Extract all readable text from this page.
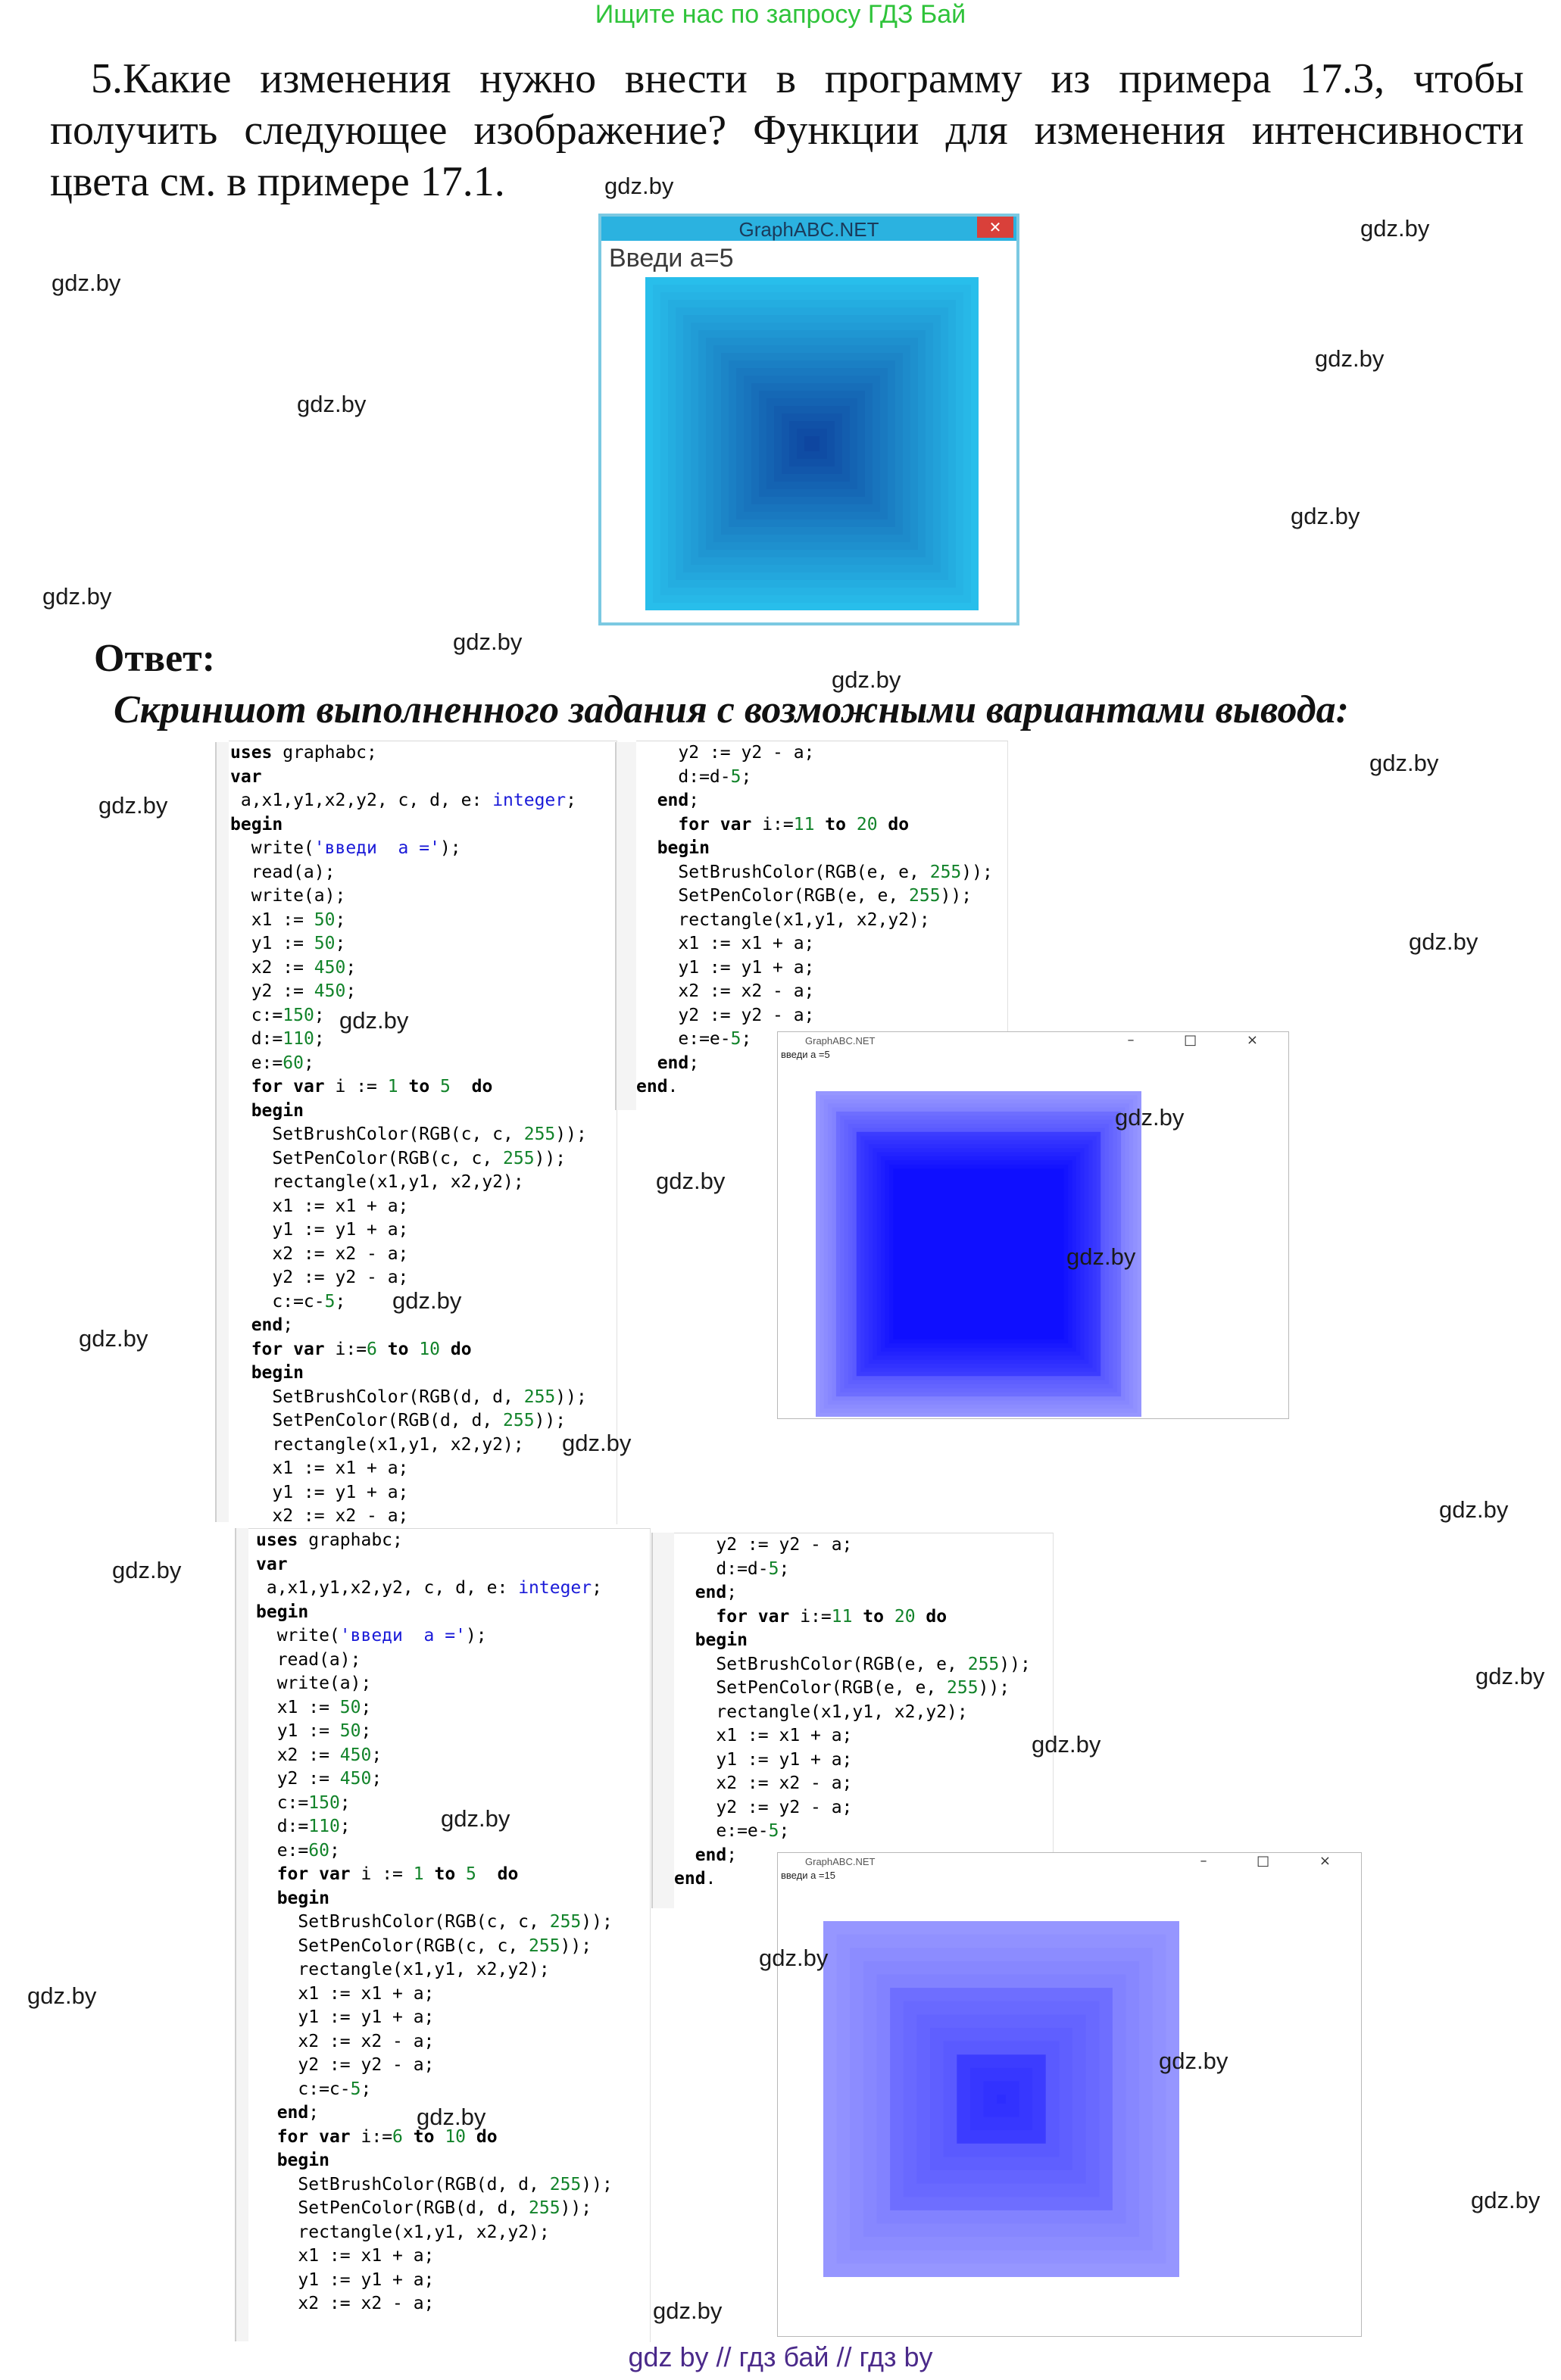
Ищите нас по запросу ГДЗ Бай
5.Какие изменения нужно внести в программу из примера 17.3, чтобы получить следующее изображение? Функции для изменения интенсивности цвета см. в примере 17.1.
GraphABC.NET	✕
Введи а=5
Ответ:
Скриншот выполненного задания с возможными вариантами вывода:
uses graphabc;
var
a,x1,y1,x2,y2, c, d, e: integer;
begin
write('введи  a =');
read(a);
write(a);
x1 := 50;
y1 := 50;
x2 := 450;
y2 := 450;
c:=150;
d:=110;
e:=60;
for var i := 1 to 5 do
begin
SetBrushColor(RGB(c, c, 255));
SetPenColor(RGB(c, c, 255));
rectangle(x1,y1, x2,y2);
x1 := x1 + a;
y1 := y1 + a;
x2 := x2 - a;
y2 := y2 - a;
c:=c-5;
end;
for var i:=6 to 10 do
begin
SetBrushColor(RGB(d, d, 255));
SetPenColor(RGB(d, d, 255));
rectangle(x1,y1, x2,y2);
x1 := x1 + a;
y1 := y1 + a;
x2 := x2 - a;
y2 := y2 - a;
d:=d-5;
end;
for var i:=11 to 20 do
begin
SetBrushColor(RGB(e, e, 255));
SetPenColor(RGB(e, e, 255));
rectangle(x1,y1, x2,y2);
x1 := x1 + a;
y1 := y1 + a;
x2 := x2 - a;
y2 := y2 - a;
e:=e-5;
end;
end.
GraphABC.NET	– □ ×
введи а =5
uses graphabc;
var
a,x1,y1,x2,y2, c, d, e: integer;
begin
write('введи  a =');
read(a);
write(a);
x1 := 50;
y1 := 50;
x2 := 450;
y2 := 450;
c:=150;
d:=110;
e:=60;
for var i := 1 to 5 do
begin
SetBrushColor(RGB(c, c, 255));
SetPenColor(RGB(c, c, 255));
rectangle(x1,y1, x2,y2);
x1 := x1 + a;
y1 := y1 + a;
x2 := x2 - a;
y2 := y2 - a;
c:=c-5;
end;
for var i:=6 to 10 do
begin
SetBrushColor(RGB(d, d, 255));
SetPenColor(RGB(d, d, 255));
rectangle(x1,y1, x2,y2);
x1 := x1 + a;
y1 := y1 + a;
x2 := x2 - a;
y2 := y2 - a;
d:=d-5;
end;
for var i:=11 to 20 do
begin
SetBrushColor(RGB(e, e, 255));
SetPenColor(RGB(e, e, 255));
rectangle(x1,y1, x2,y2);
x1 := x1 + a;
y1 := y1 + a;
x2 := x2 - a;
y2 := y2 - a;
e:=e-5;
end;
end.
GraphABC.NET	– □ ×
введи а =15
gdz.by
gdz.by
gdz.by
gdz.by
gdz.by
gdz.by
gdz.by
gdz.by
gdz.by
gdz.by
gdz.by
gdz.by
gdz.by
gdz.by
gdz.by
gdz.by
gdz.by
gdz.by
gdz.by
gdz.by
gdz.by
gdz.by
gdz.by
gdz.by
gdz.by
gdz.by
gdz.by
gdz.by
gdz.by
gdz.by
gdz by // гдз бай // гдз by
